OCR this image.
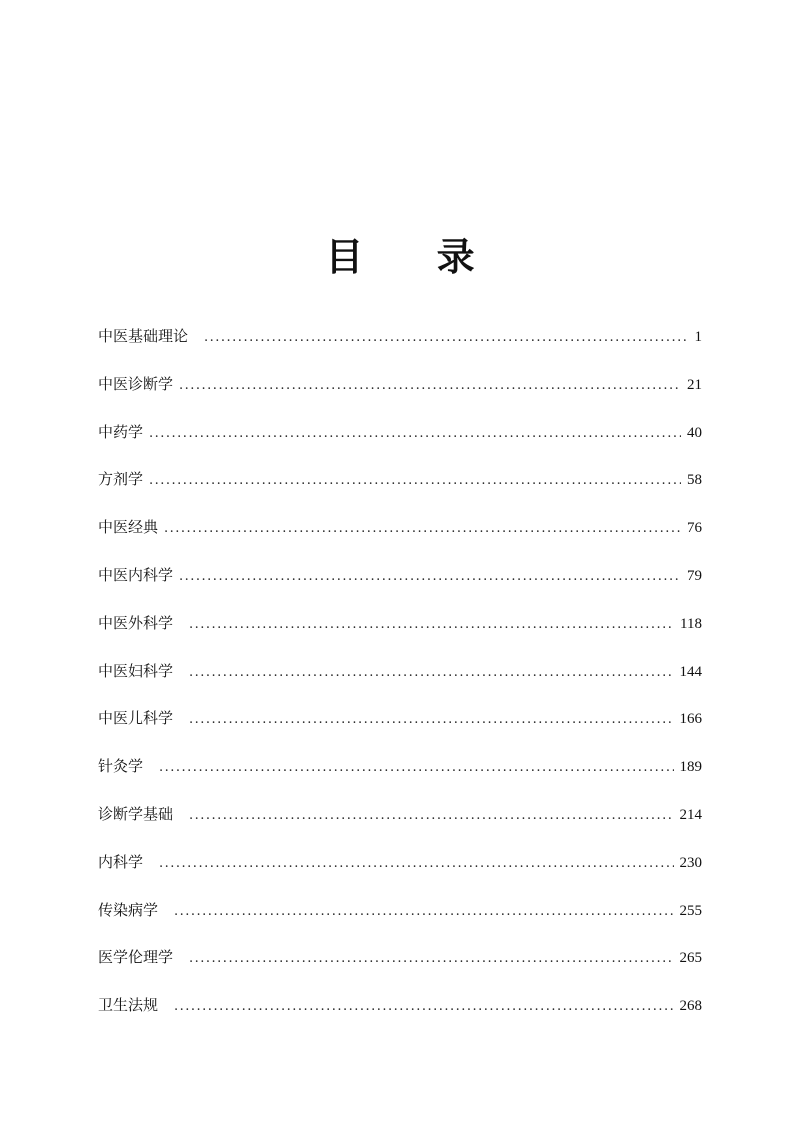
目 录
中医基础理论 .....	1
中医诊断学 .....	21
中药学 .....	40
方剂学 .....	58
中医经典 .....	76
中医内科学 .....	79
中医外科学 .....	118
中医妇科学 .....	144
中医儿科学 .....	166
针灸学 .....	189
诊断学基础 .....	214
内科学 .....	230
传染病学 .....	255
医学伦理学 .....	265
卫生法规 .....	268
